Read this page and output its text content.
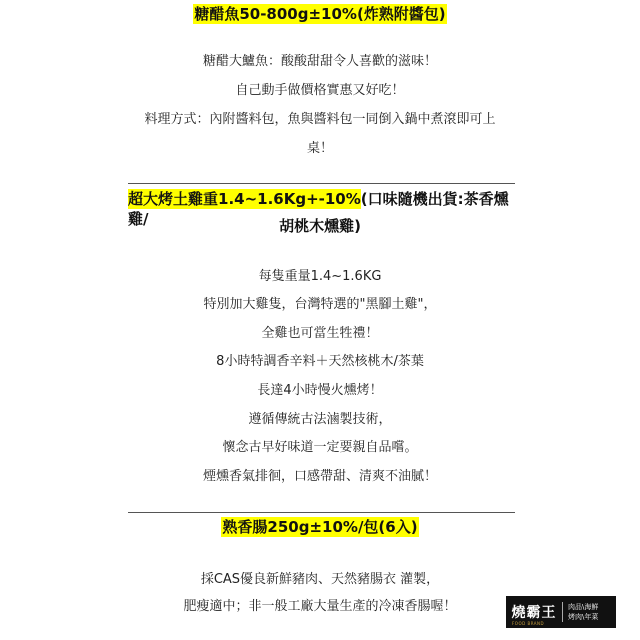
糖醋魚50-800g±10%(炸熟附醬包)
糖醋大鱸魚：酸酸甜甜令人喜歡的滋味！
自己動手做價格實惠又好吃！
料理方式：內附醬料包，魚與醬料包一同倒入鍋中煮滾即可上
桌！
超大烤土雞重1.4~1.6Kg+-10%(口味隨機出貨:茶香燻雞/	胡桃木燻雞)
每隻重量1.4~1.6KG
特別加大雞隻，台灣特選的"黑腳土雞"，
全雞也可當生牲禮！
8小時特調香辛料＋天然核桃木/茶葉
長達4小時慢火燻烤！
遵循傳統古法滷製技術，
懷念古早好味道一定要親自品嚐。
煙燻香氣排徊，口感帶甜、清爽不油膩！
熟香腸250g±10%/包(6入)
採CAS優良新鮮豬肉、天然豬腸衣 灌製，
肥瘦適中；非一般工廠大量生產的冷凍香腸喔！	燒霸王	肉品\海鮮
烤肉\年菜
FOOD BRAND
